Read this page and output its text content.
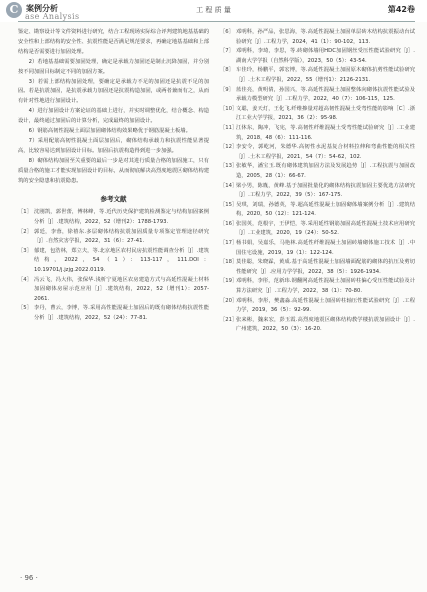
C 案例分析
ase Analysis
工 程 质 量	第42卷

鉴定、勘察设计等文件资料进行研究，结合工程现场实际综合评判建筑地基基础的安全性和上部结构的安全性、抗震性能是否满足规范要求，再确定地基基础和上部结构是否需要进行加固处理。

2）若地基基础需要加固处理，确定是承载力加固还是制止沉降加固，并分别按不同加固目标制定不同的加固方案。

3）若需上部结构加固处理，要确定是承载力不足的加固还是抗震不足的加固。若是抗震加固，是抗震承载力加固还是抗震构造加固，或两者兼而有之，从而有针对性地进行加固设计。

4）进行加固设计方案论证的基础上进行，并实时调整优化，结合概念、构造设计，最终通过加固后的计算分析，完成最终的加固设计。

6）钢筋高韧性混凝土面层加固砌体结构效果略优于钢筋混凝土板墙。

7）采用配筋高韧性混凝土面层加固后，砌体结构承载力和抗震性能显著提高，比较容易达到加固设计目标。加固后抗震构造得到进一步加强。

8）砌体结构加固至关重要的最后一步是对其进行质量合格的加固施工，只有质量合格的施工才能实现加固设计的目标，从而彻底解决高烈度地震区砌体结构建筑的安全隐患和抗震隐患。

参考文献
［1］ 沈刚凯，郭世蕾，傅林峰，等.近代历史保护建筑检测鉴定与结构加固案例分析［J］.建筑结构，2022，52（增刊2）：1788-1793.
［2］ 郭廷，李蓉，徐禧东.多层砌体结构抗震加固质量专项鉴定管理途径研究［J］.自然灾害学报，2022，31（6）：27-41.
［3］ 郁建，包浩林，郑立夫，等.北京地区农村民房抗震性能调查分析［J］.建筑结构，2022，54（1）：113-117，111.DOI：10.19701/j.jzjg.2022.0119.
［4］ 冯云飞，冯大伟，张保华.浅析宁夏地区农房建造方式与高延性混凝土材料加固砌体房屋示范应用［J］.建筑结构，2022，52（增刊1）：2057-2061.
［5］ 李丹，曹云，李博，等.采用高性能混凝土加固后的既有砌体结构抗震性能分析［J］.建筑结构，2022，52（24）：77-81.
［6］ 邓明科，孙严品，张思海，等.高延性混凝土加固单层砖木结构抗震振动台试验研究［J］.工程力学，2024，41（1）：90-102，113.
［7］ 邓明科，李琦，李思，等.砖砌体墙用HDC加固钢丝受压性能试验研究［J］.湖南大学学报（自然科学版），2023，50（5）：43-54.
［8］ 车佳玲，杨鹏平，郭宏博，等.高延性混凝土加固原木砌体抗剪性能试验研究［J］.土木工程学报，2022，55（增刊1）：2126-2131.
［9］ 蓝佳亮，黄明倩，孙国兴，等.高延性混凝土加固整体向砌体抗震性能试验及承载力模型研究［J］.工程力学，2022，40（7）：106-115，125.
［10］
文聪，姜天灯，王化飞.纤维掺量对超高韧性混凝土受弯性能的影响［C］.浙江工业大学学报，2021，36（2）：95-98.
［11］
江休东，陶冲，飞宪，等.高韧性纤维混凝土受弯性能试验研究［J］.工业建筑，2018，48（6）：111-116.
［12］
李安令，郭屹河，朱德华.高韧性水泥基复合材料拉伸和弯曲性能的相关性［J］.土木工程学报，2021，54（7）：54-62，102.
［13］
张敏华，潘宝玉.既有砌体建筑加固方法及发展趋势［J］.工程抗震与加固改造，2005，28（1）：66-67.
［14］
梁小男，陈胤，黄峰.基于加固批量化的砌体结构抗震加固主要优选方法研究［J］.工程力学，2022，39（5）：167-175.
［15］
吴琪，刘瑞，孙德英，等.超高延性混凝土加固砌体墙案例分析［J］.建筑结构，2020，50（12）：121-124.
［16］
张国英，范根宇，王伊恺，等.采用延性钢筋加固高延性混凝土技术应用研究［J］.工业建筑，2020，19（24）：50-52.
［17］
杨书娟，吴嘉乐，马艳林.高延性纤维混凝土加固砖墙砌体施工技术［J］.中国住宅设施，2019，19（1）：122-124.
［18］
莫佳聪，朱晓霖，黄成.基于高延性混凝土加固墙面配筋的砌体的抗压及剪切性能研究［J］.应用力学学报，2022，38（5）：1926-1934.
［19］
邓明科，李彤，范新玮.钢翻网高延性混凝土加固砖柱偏心受压性能试验及计算方法研究［J］.工程力学，2022，38（1）：70-80.
［20］
邓明科，李彤，樊鑫淼.高延性混凝土加固砖柱轴压性能试验研究［J］.工程力学，2019，36（5）：92-99.
［21］
张来彬，魏来宏，彭玉霞.高烈度地震区砌体结构教学楼抗震加固设计［J］.广州建筑，2022，50（3）：16-20.
· 96 ·
